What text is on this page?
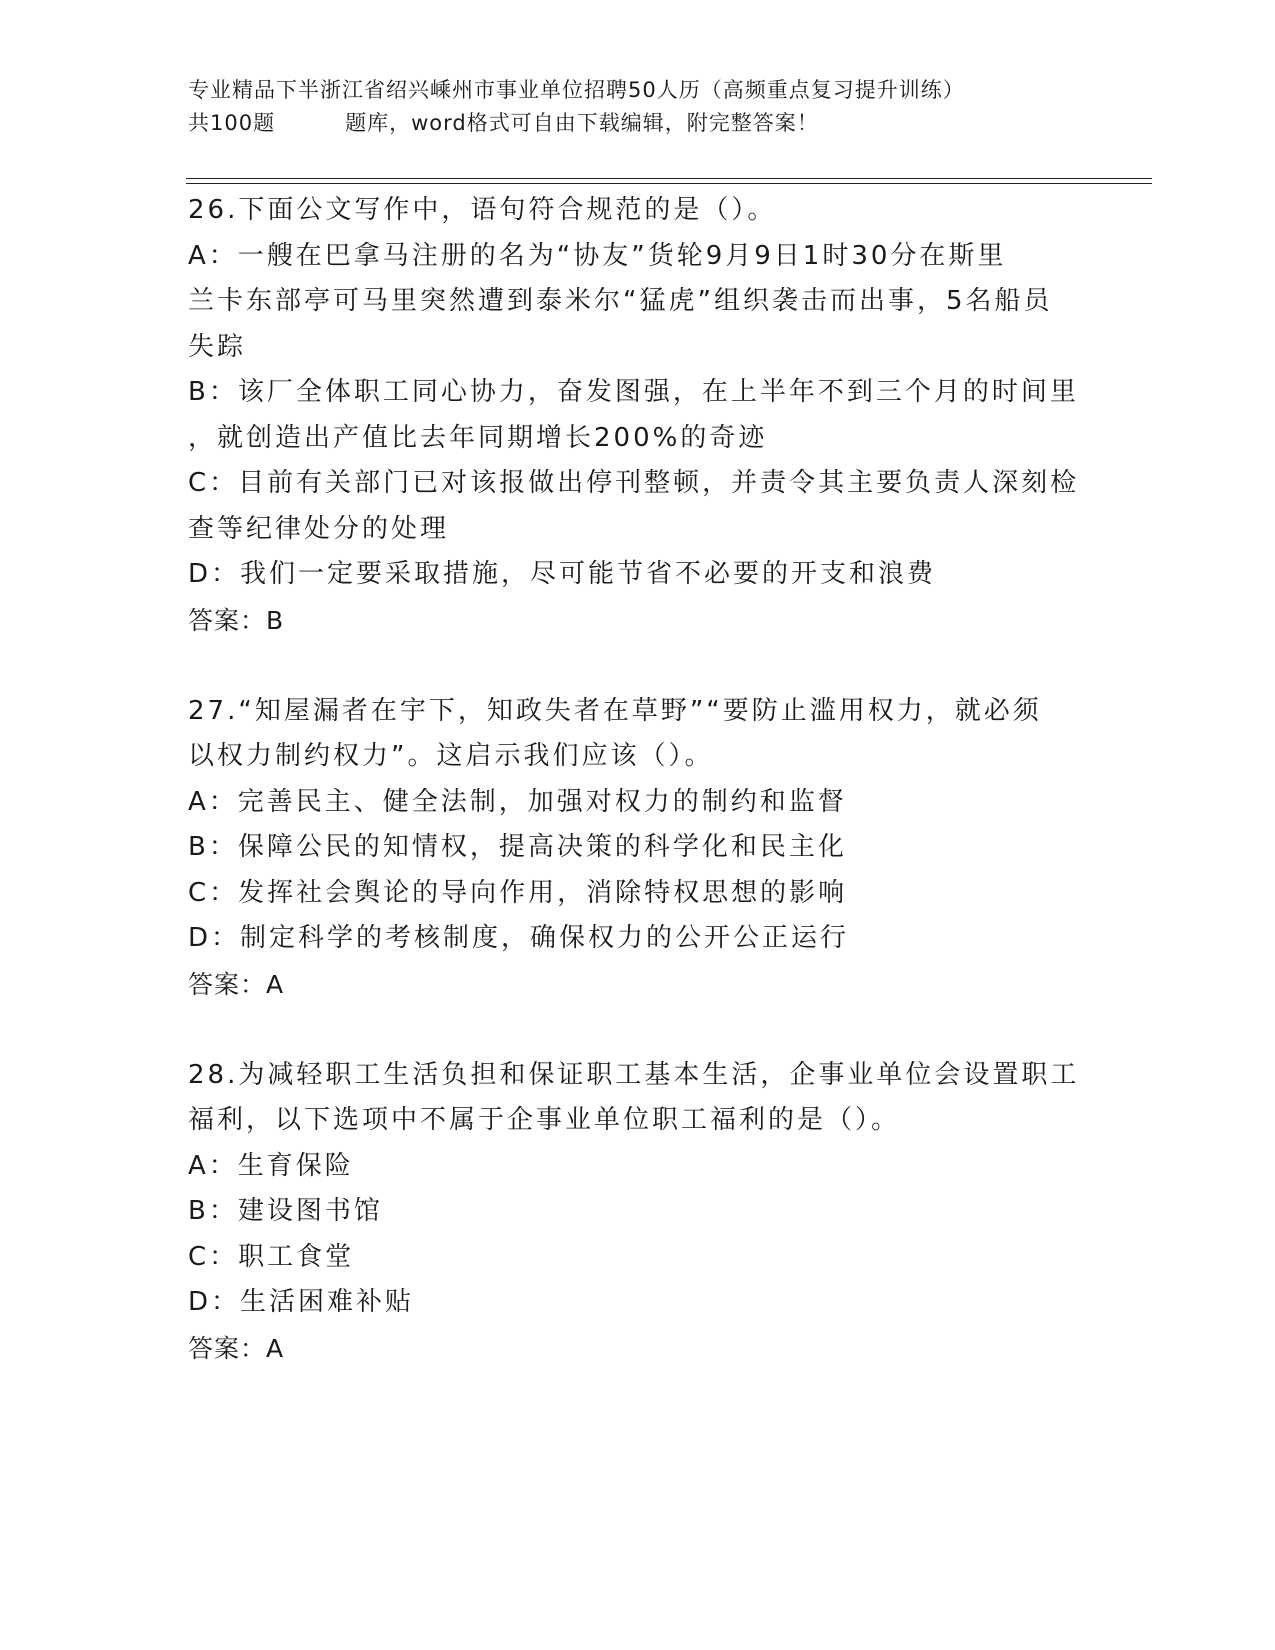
专业精品下半浙江省绍兴嵊州市事业单位招聘50人历（高频重点复习提升训练）
共100题	题库，word格式可自由下载编辑，附完整答案！
26.下面公文写作中，语句符合规范的是（）。
A：一艘在巴拿马注册的名为“协友”货轮9月9日1时30分在斯里
兰卡东部亭可马里突然遭到泰米尔“猛虎”组织袭击而出事，5名船员
失踪
B：该厂全体职工同心协力，奋发图强，在上半年不到三个月的时间里
，就创造出产值比去年同期增长200%的奇迹
C：目前有关部门已对该报做出停刊整顿，并责令其主要负责人深刻检
查等纪律处分的处理
D：我们一定要采取措施，尽可能节省不必要的开支和浪费
答案：B
27.“知屋漏者在宇下，知政失者在草野”“要防止滥用权力，就必须
以权力制约权力”。这启示我们应该（）。
A：完善民主、健全法制，加强对权力的制约和监督
B：保障公民的知情权，提高决策的科学化和民主化
C：发挥社会舆论的导向作用，消除特权思想的影响
D：制定科学的考核制度，确保权力的公开公正运行
答案：A
28.为减轻职工生活负担和保证职工基本生活，企事业单位会设置职工
福利，以下选项中不属于企事业单位职工福利的是（）。
A：生育保险
B：建设图书馆
C：职工食堂
D：生活困难补贴
答案：A
